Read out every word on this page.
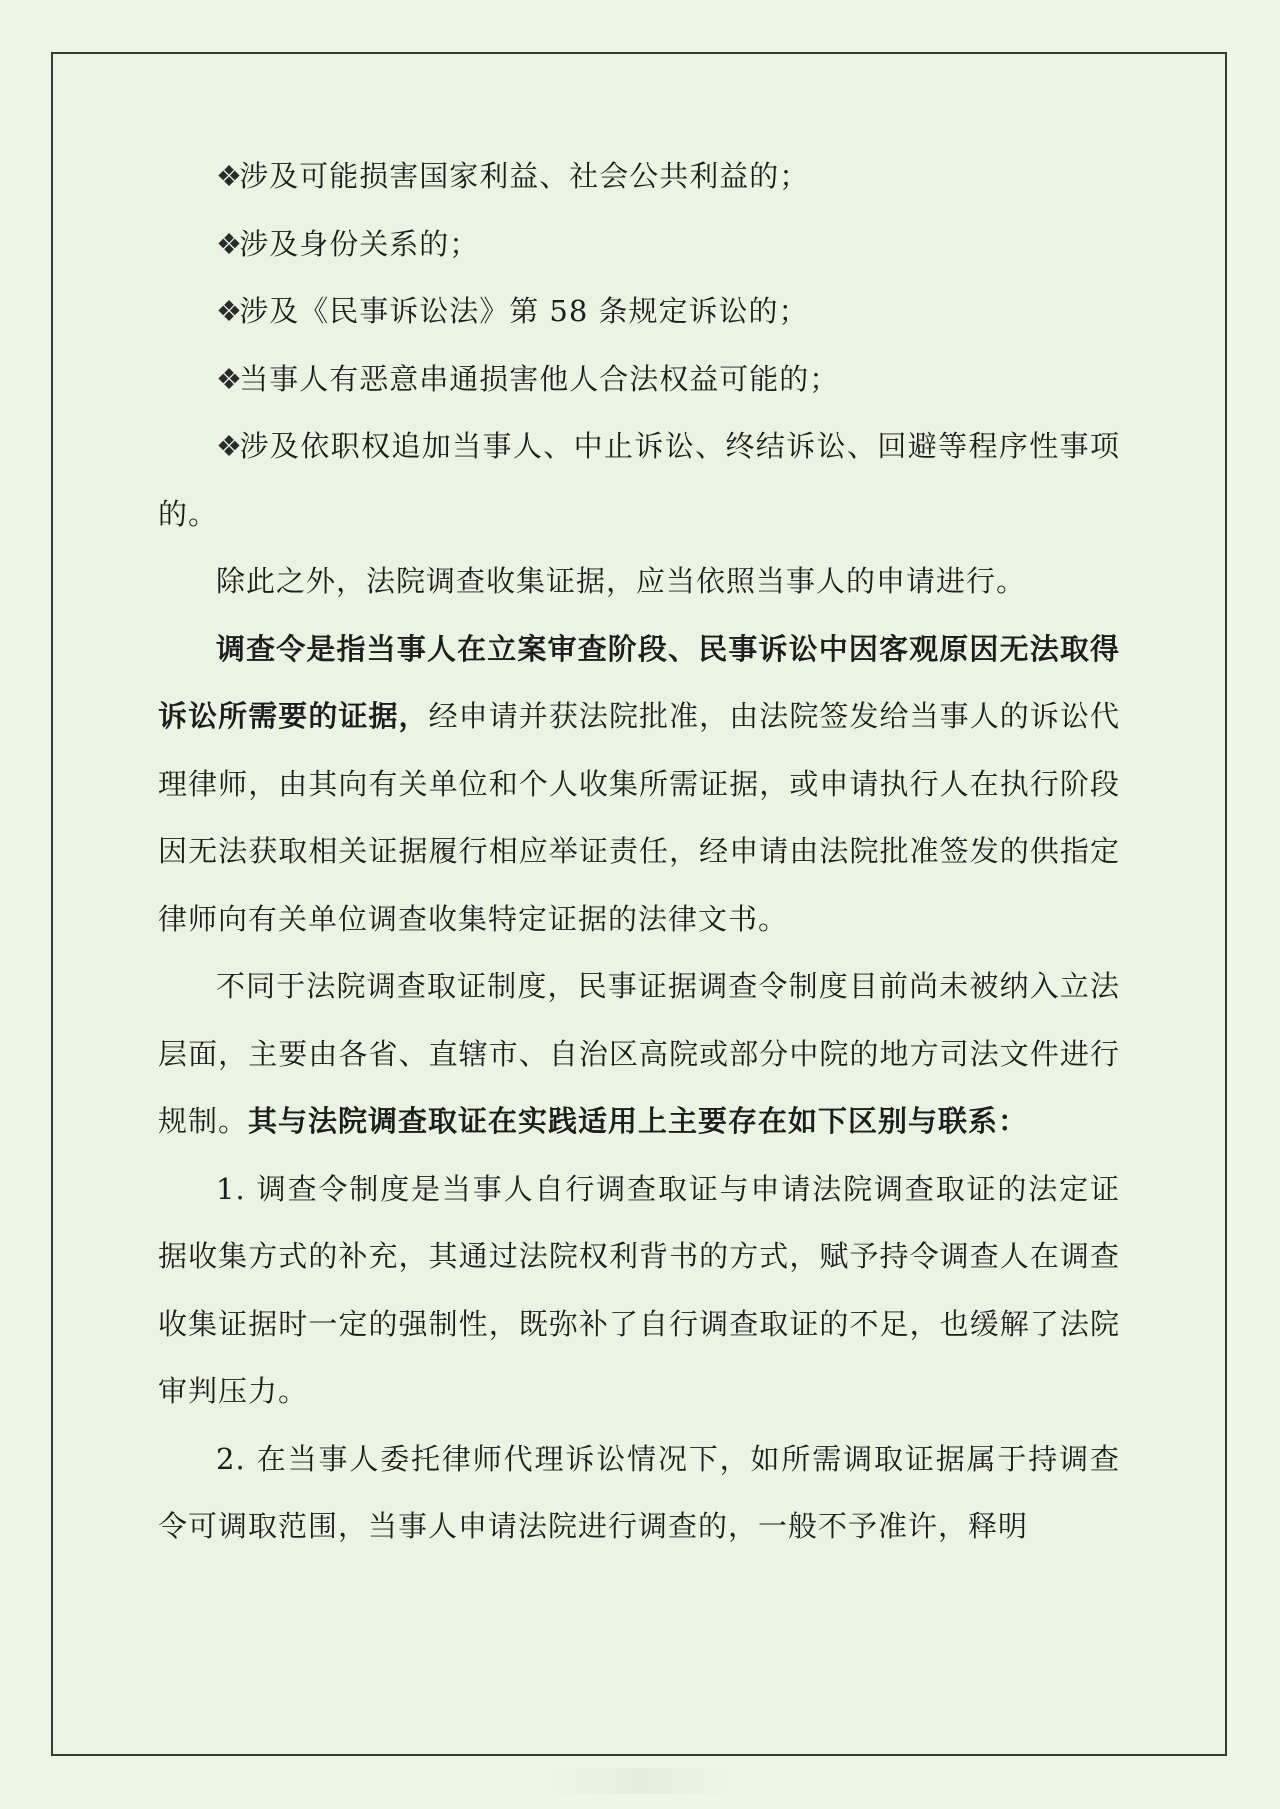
❖涉及可能损害国家利益、社会公共利益的；

❖涉及身份关系的；

❖涉及《民事诉讼法》第 58 条规定诉讼的；

❖当事人有恶意串通损害他人合法权益可能的；

❖涉及依职权追加当事人、中止诉讼、终结诉讼、回避等程序性事项的。

除此之外，法院调查收集证据，应当依照当事人的申请进行。

调查令是指当事人在立案审查阶段、民事诉讼中因客观原因无法取得诉讼所需要的证据，经申请并获法院批准，由法院签发给当事人的诉讼代理律师，由其向有关单位和个人收集所需证据，或申请执行人在执行阶段因无法获取相关证据履行相应举证责任，经申请由法院批准签发的供指定律师向有关单位调查收集特定证据的法律文书。

不同于法院调查取证制度，民事证据调查令制度目前尚未被纳入立法层面，主要由各省、直辖市、自治区高院或部分中院的地方司法文件进行规制。其与法院调查取证在实践适用上主要存在如下区别与联系：

1. 调查令制度是当事人自行调查取证与申请法院调查取证的法定证据收集方式的补充，其通过法院权利背书的方式，赋予持令调查人在调查收集证据时一定的强制性，既弥补了自行调查取证的不足，也缓解了法院审判压力。

2. 在当事人委托律师代理诉讼情况下，如所需调取证据属于持调查令可调取范围，当事人申请法院进行调查的，一般不予准许，释明
